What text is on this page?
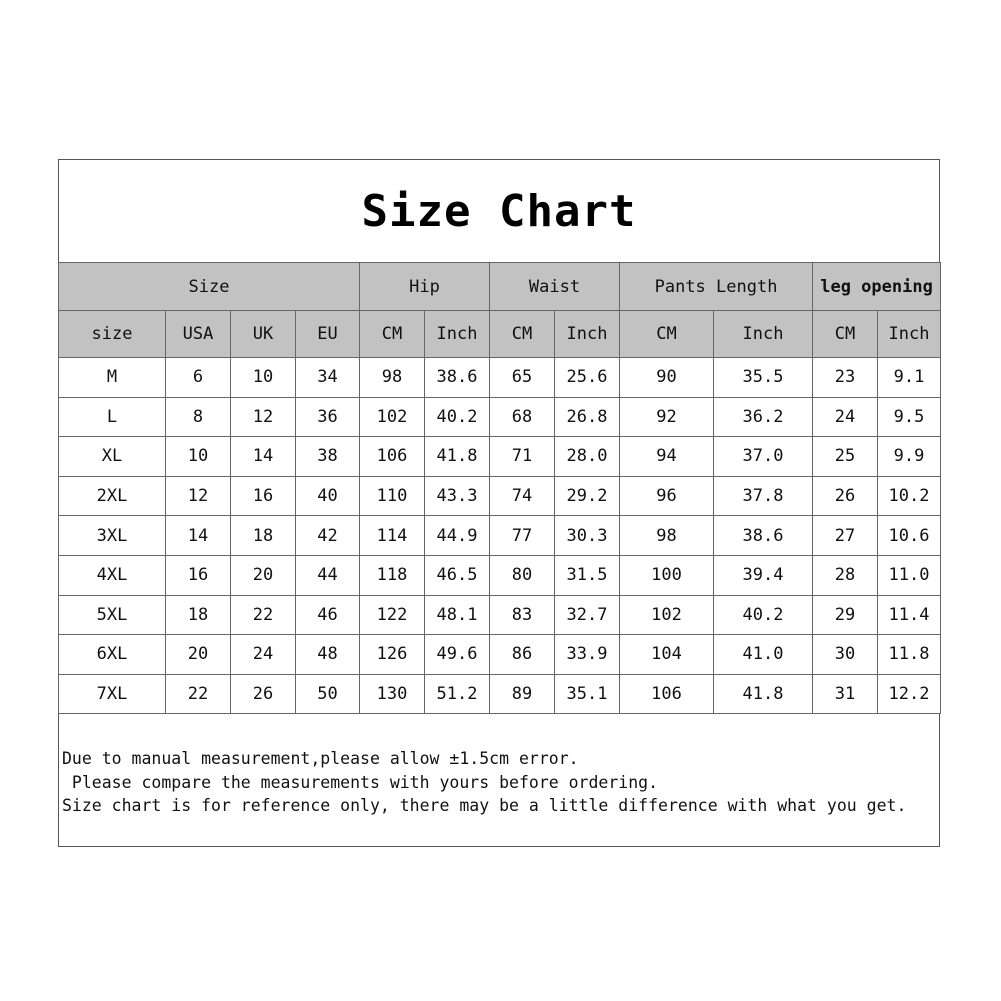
Size Chart
Size				Hip		Waist		Pants Length		leg opening	
size	USA	UK	EU	CM	Inch	CM	Inch	CM	Inch	CM	Inch
M	6	10	34	98	38.6	65	25.6	90	35.5	23	9.1
L	8	12	36	102	40.2	68	26.8	92	36.2	24	9.5
XL	10	14	38	106	41.8	71	28.0	94	37.0	25	9.9
2XL	12	16	40	110	43.3	74	29.2	96	37.8	26	10.2
3XL	14	18	42	114	44.9	77	30.3	98	38.6	27	10.6
4XL	16	20	44	118	46.5	80	31.5	100	39.4	28	11.0
5XL	18	22	46	122	48.1	83	32.7	102	40.2	29	11.4
6XL	20	24	48	126	49.6	86	33.9	104	41.0	30	11.8
7XL	22	26	50	130	51.2	89	35.1	106	41.8	31	12.2
Due to manual measurement,please allow ±1.5cm error.
Please compare the measurements with yours before ordering.
Size chart is for reference only, there may be a little difference with what you get.
